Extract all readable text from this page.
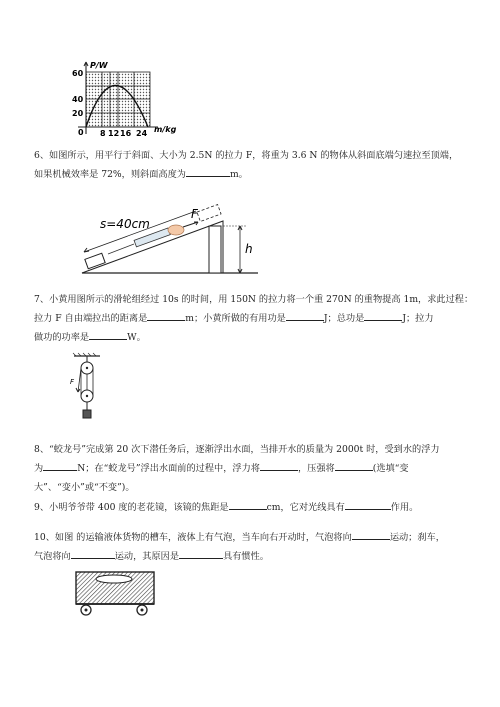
P/W
m/kg
60
40
20
0 8 12 16 24
6、如图所示，用平行于斜面、大小为 2.5N 的拉力 F，将重为 3.6 N 的物体从斜面底端匀速拉至顶端，
如果机械效率是 72%，则斜面高度为	m。
s=40cm
F
h
7、小黄用图所示的滑轮组经过 10s 的时间，用 150N 的拉力将一个重 270N 的重物提高 1m，求此过程：
拉力 F 自由端拉出的距离是	m；小黄所做的有用功是	J；总功是	J；拉力
做功的功率是	W。
F
8、“蛟龙号”完成第 20 次下潜任务后，逐渐浮出水面，当排开水的质量为 2000t 时，受到水的浮力
为	N；在“蛟龙号”浮出水面前的过程中，浮力将	，压强将	(选填“变
大”、“变小”或“不变”)。
9、小明爷爷带 400 度的老花镜，该镜的焦距是	cm，它对光线具有	作用。
10、如图 的运输液体货物的槽车，液体上有气泡，当车向右开动时，气泡将向	运动；刹车，
气泡将向	运动，其原因是	具有惯性。
